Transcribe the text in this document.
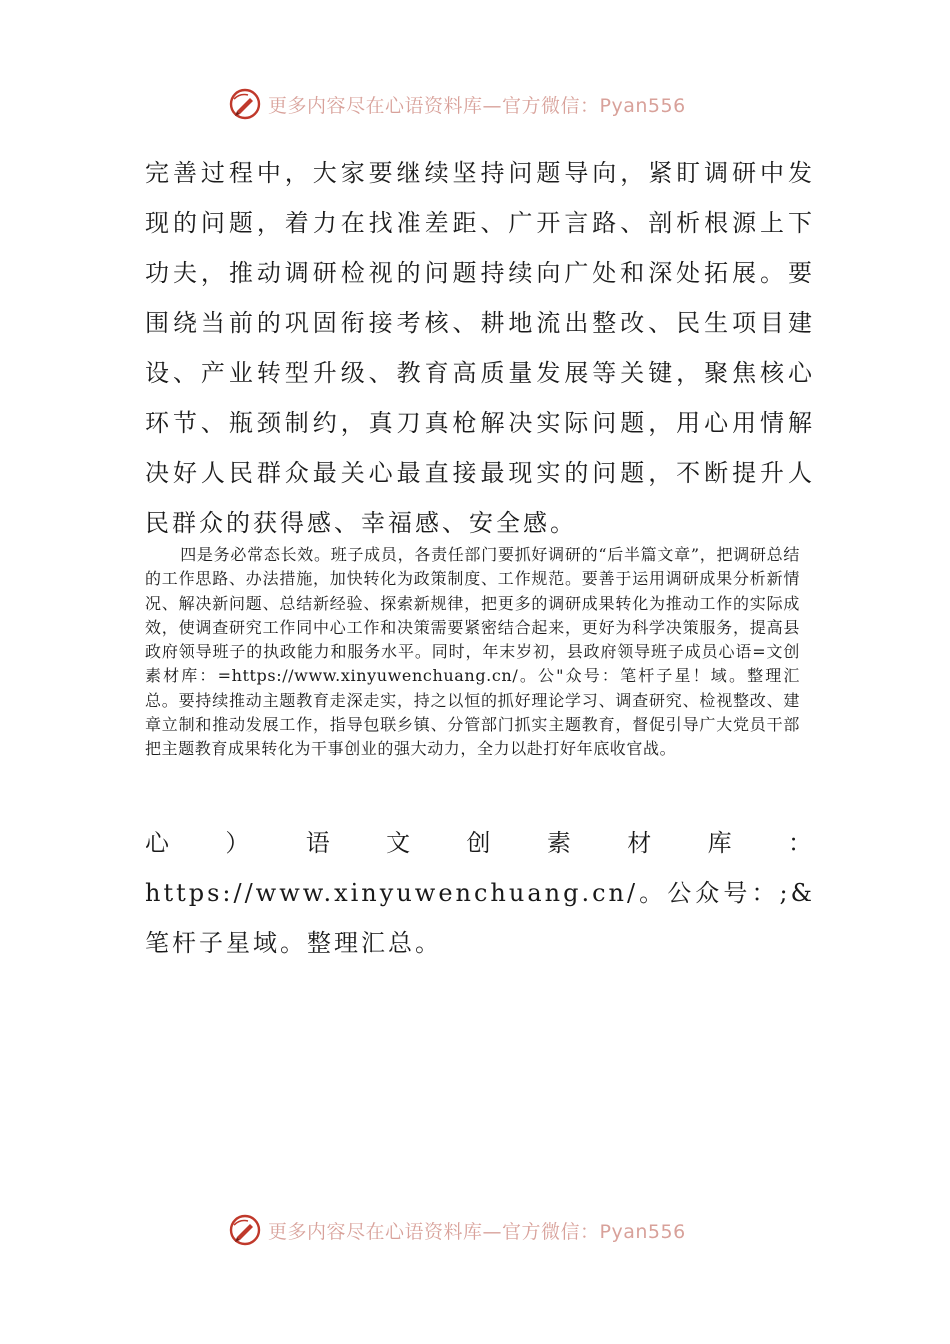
更多内容尽在心语资料库—官方微信：Pyan556

完善过程中，大家要继续坚持问题导向，紧盯调研中发现的问题，着力在找准差距、广开言路、剖析根源上下功夫，推动调研检视的问题持续向广处和深处拓展。要围绕当前的巩固衔接考核、耕地流出整改、民生项目建设、产业转型升级、教育高质量发展等关键，聚焦核心环节、瓶颈制约，真刀真枪解决实际问题，用心用情解决好人民群众最关心最直接最现实的问题，不断提升人民群众的获得感、幸福感、安全感。

四是务必常态长效。班子成员，各责任部门要抓好调研的“后半篇文章”，把调研总结的工作思路、办法措施，加快转化为政策制度、工作规范。要善于运用调研成果分析新情况、解决新问题、总结新经验、探索新规律，把更多的调研成果转化为推动工作的实际成效，使调查研究工作同中心工作和决策需要紧密结合起来，更好为科学决策服务，提高县政府领导班子的执政能力和服务水平。同时，年末岁初，县政府领导班子成员心语=文创素材库：=https://www.xinyuwenchuang.cn/。公"众号：笔杆子星！域。整理汇总。要持续推动主题教育走深走实，持之以恒的抓好理论学习、调查研究、检视整改、建章立制和推动发展工作，指导包联乡镇、分管部门抓实主题教育，督促引导广大党员干部把主题教育成果转化为干事创业的强大动力，全力以赴打好年底收官战。

心）语文创素材库：https://www.xinyuwenchuang.cn/。公众号：;&笔杆子星域。整理汇总。

更多内容尽在心语资料库—官方微信：Pyan556
